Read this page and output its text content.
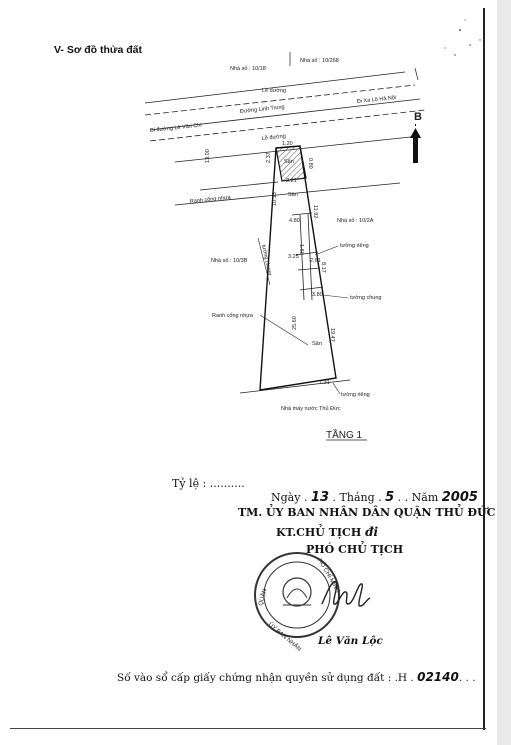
V- Sơ đồ thửa đất
Nhà số : 10/18
Nhà số : 10/268
Lề đường
Đường Linh Trung
Đi đường Lê Văn Chí
Đi Xa Lộ Hà Nội
Lề đường
Sân
Sân
Sân
Ranh cống nhựa
Ranh cống nhựa
Nhà số : 10/2A
Nhà số : 10/3B
tường riêng
tường chung
tường riêng
Nhà máy nước Thủ Đức
tường chung
1.20
3.21
2.37
0.80
13.00
10.13
25.60
11.92
8.17
19.47
7.31
4.80
3.25
2.61
3.80
1.60
B
TẦNG 1
QUẬN
HỒ CHÍ MINH
ỦY BAN NHÂN
Tỷ lệ : ..........
Ngày . 13 . Tháng . 5 . . Năm 2005
TM. ỦY BAN NHÂN DÂN QUẬN THỦ ĐỨC
KT.CHỦ TỊCH đi
PHÓ CHỦ TỊCH
Lê Văn Lộc
Số vào sổ cấp giấy chứng nhận quyền sử dụng đất : .H . 02140. . .
